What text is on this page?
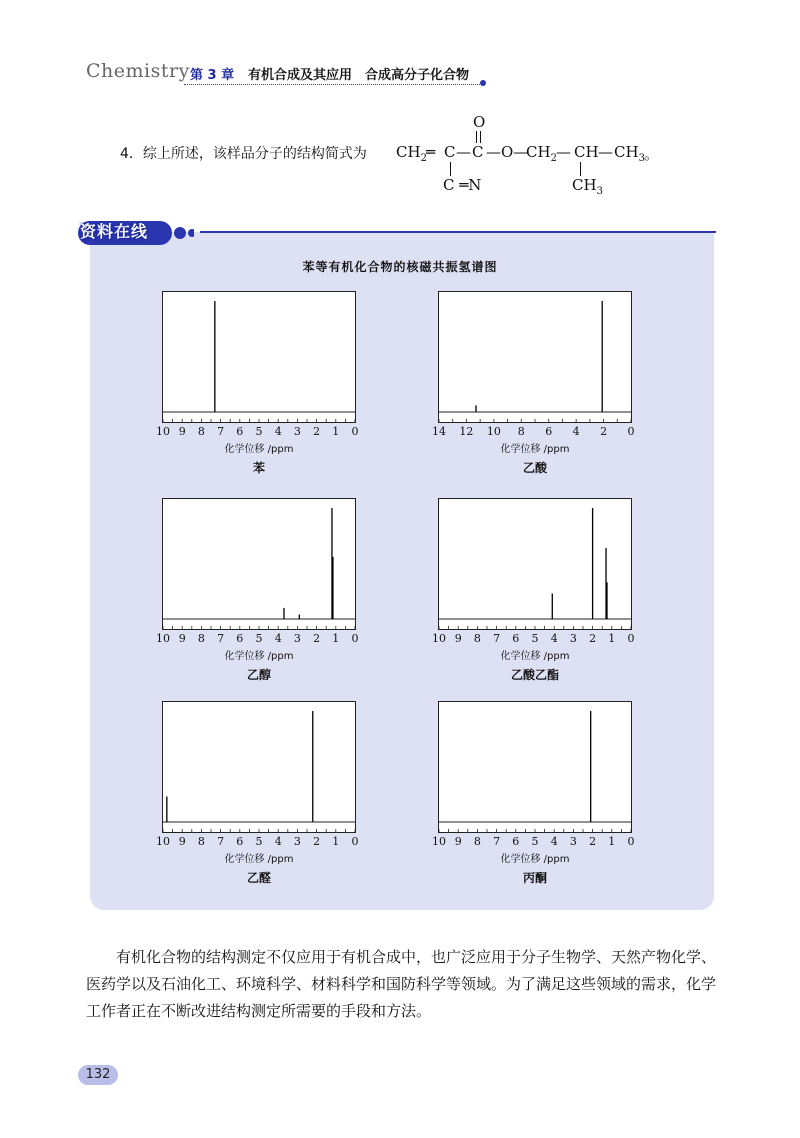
Chemistry 第 3 章 有机合成及其应用　合成高分子化合物
4．综上所述，该样品分子的结构简式为 $CH_2$ ═ C — C —O—
$CH_2$ — CH — $CH_3$ 。
O
C ═N	$CH_3$
资料在线
苯等有机化合物的核磁共振氢谱图
10 9 8 7 6 5 4 3 2 1 0
化学位移 /ppm
苯
14 12 10 8 6 4 2 0
化学位移 /ppm
乙酸
10 9 8 7 6 5 4 3 2 1 0
化学位移 /ppm
乙醇
10 9 8 7 6 5 4 3 2 1 0
化学位移 /ppm
乙酸乙酯
10 9 8 7 6 5 4 3 2 1 0
化学位移 /ppm
乙醛
10 9 8 7 6 5 4 3 2 1 0
化学位移 /ppm
丙酮
有机化合物的结构测定不仅应用于有机合成中，也广泛应用于分子生物学、天然产物化学、医药学以及石油化工、环境科学、材料科学和国防科学等领域。为了满足这些领域的需求，化学工作者正在不断改进结构测定所需要的手段和方法。
132
